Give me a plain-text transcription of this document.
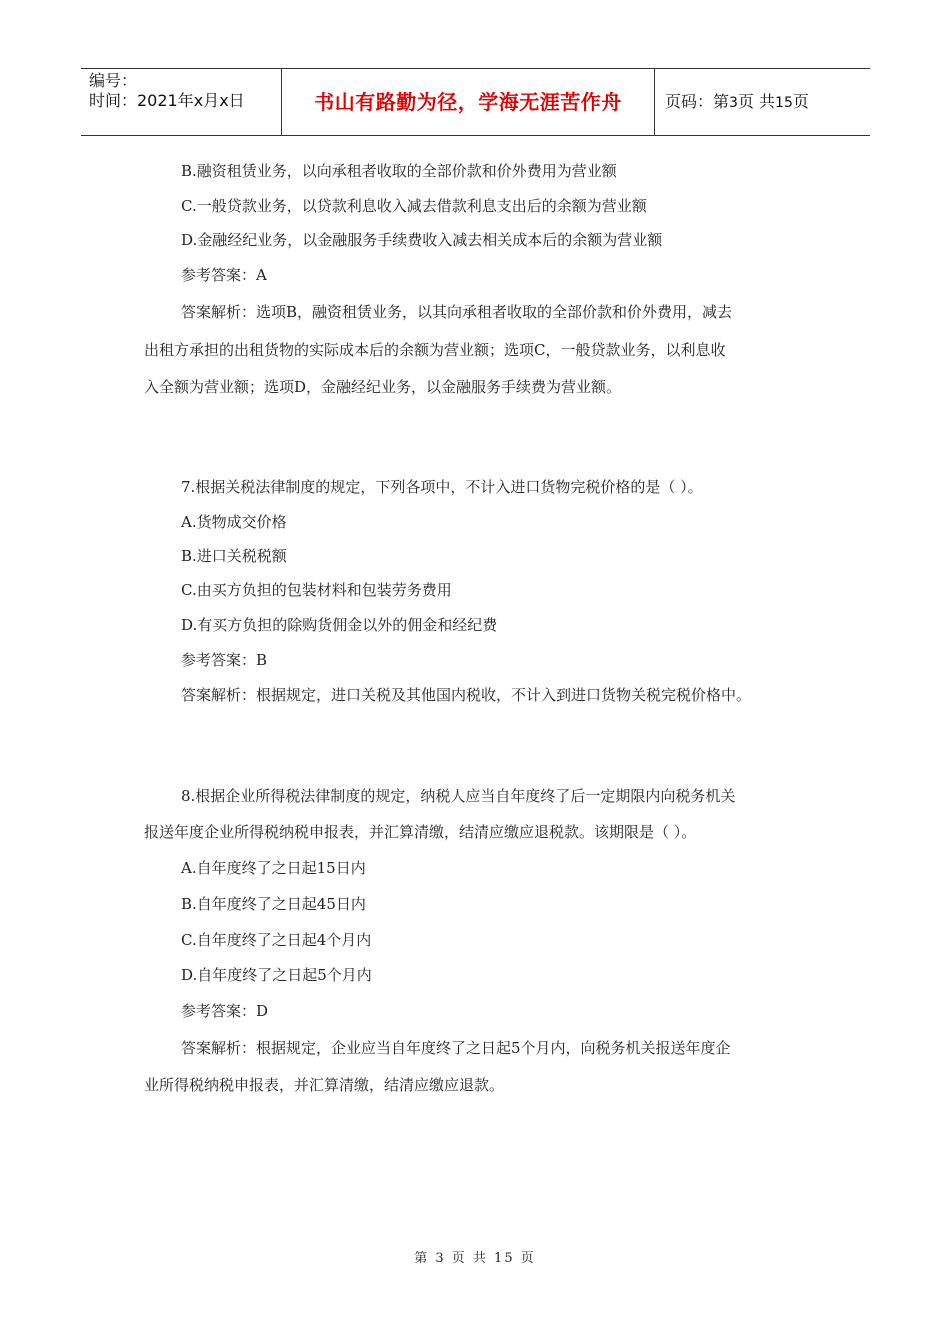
编号：
时间：2021年x月x日	书山有路勤为径，学海无涯苦作舟	页码：第3页 共15页
B.融资租赁业务，以向承租者收取的全部价款和价外费用为营业额
C.一般贷款业务，以贷款利息收入减去借款利息支出后的余额为营业额
D.金融经纪业务，以金融服务手续费收入减去相关成本后的余额为营业额
参考答案：A
答案解析：选项B，融资租赁业务，以其向承租者收取的全部价款和价外费用，减去
出租方承担的出租货物的实际成本后的余额为营业额；选项C，一般贷款业务，以利息收
入全额为营业额；选项D，金融经纪业务，以金融服务手续费为营业额。
7.根据关税法律制度的规定，下列各项中，不计入进口货物完税价格的是（ ）。
A.货物成交价格
B.进口关税税额
C.由买方负担的包装材料和包装劳务费用
D.有买方负担的除购货佣金以外的佣金和经纪费
参考答案：B
答案解析：根据规定，进口关税及其他国内税收，不计入到进口货物关税完税价格中。
8.根据企业所得税法律制度的规定，纳税人应当自年度终了后一定期限内向税务机关
报送年度企业所得税纳税申报表，并汇算清缴，结清应缴应退税款。该期限是（ ）。
A.自年度终了之日起15日内
B.自年度终了之日起45日内
C.自年度终了之日起4个月内
D.自年度终了之日起5个月内
参考答案：D
答案解析：根据规定，企业应当自年度终了之日起5个月内，向税务机关报送年度企
业所得税纳税申报表，并汇算清缴，结清应缴应退款。
第 3 页 共 15 页
